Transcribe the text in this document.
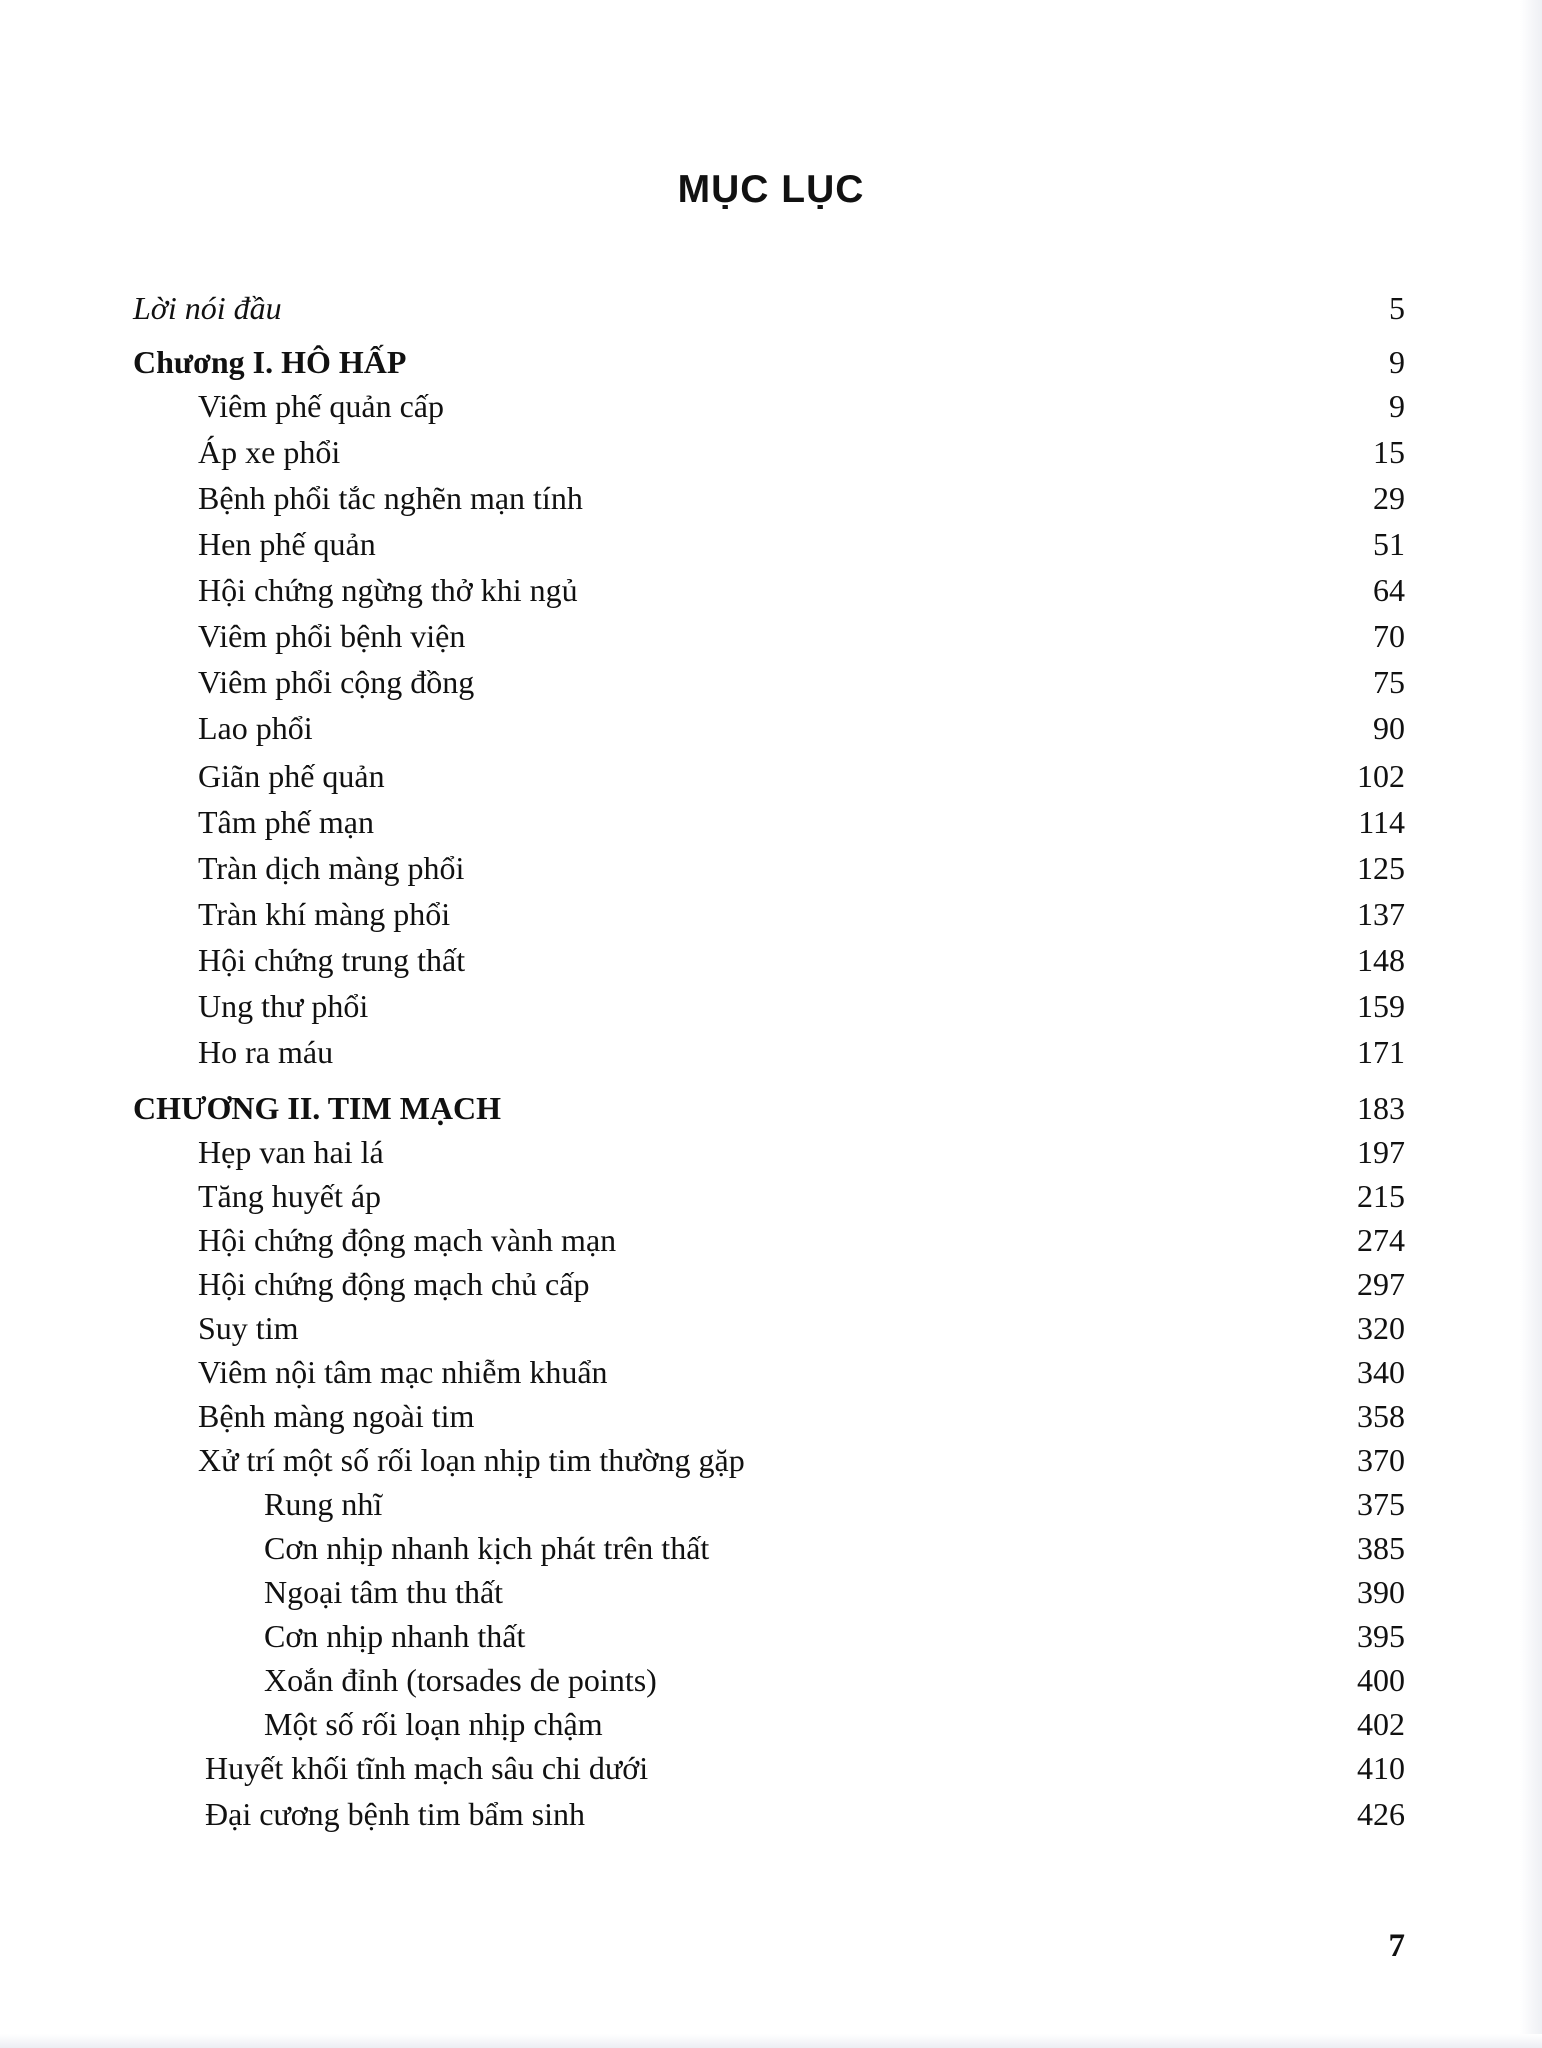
MỤC LỤC
Lời nói đầu	5
Chương I. HÔ HẤP	9
Viêm phế quản cấp	9
Áp xe phổi	15
Bệnh phổi tắc nghẽn mạn tính	29
Hen phế quản	51
Hội chứng ngừng thở khi ngủ	64
Viêm phổi bệnh viện	70
Viêm phổi cộng đồng	75
Lao phổi	90
Giãn phế quản	102
Tâm phế mạn	114
Tràn dịch màng phổi	125
Tràn khí màng phổi	137
Hội chứng trung thất	148
Ung thư phổi	159
Ho ra máu	171
CHƯƠNG II. TIM MẠCH	183
Hẹp van hai lá	197
Tăng huyết áp	215
Hội chứng động mạch vành mạn	274
Hội chứng động mạch chủ cấp	297
Suy tim	320
Viêm nội tâm mạc nhiễm khuẩn	340
Bệnh màng ngoài tim	358
Xử trí một số rối loạn nhịp tim thường gặp	370
Rung nhĩ	375
Cơn nhịp nhanh kịch phát trên thất	385
Ngoại tâm thu thất	390
Cơn nhịp nhanh thất	395
Xoắn đỉnh (torsades de points)	400
Một số rối loạn nhịp chậm	402
Huyết khối tĩnh mạch sâu chi dưới	410
Đại cương bệnh tim bẩm sinh	426
7
